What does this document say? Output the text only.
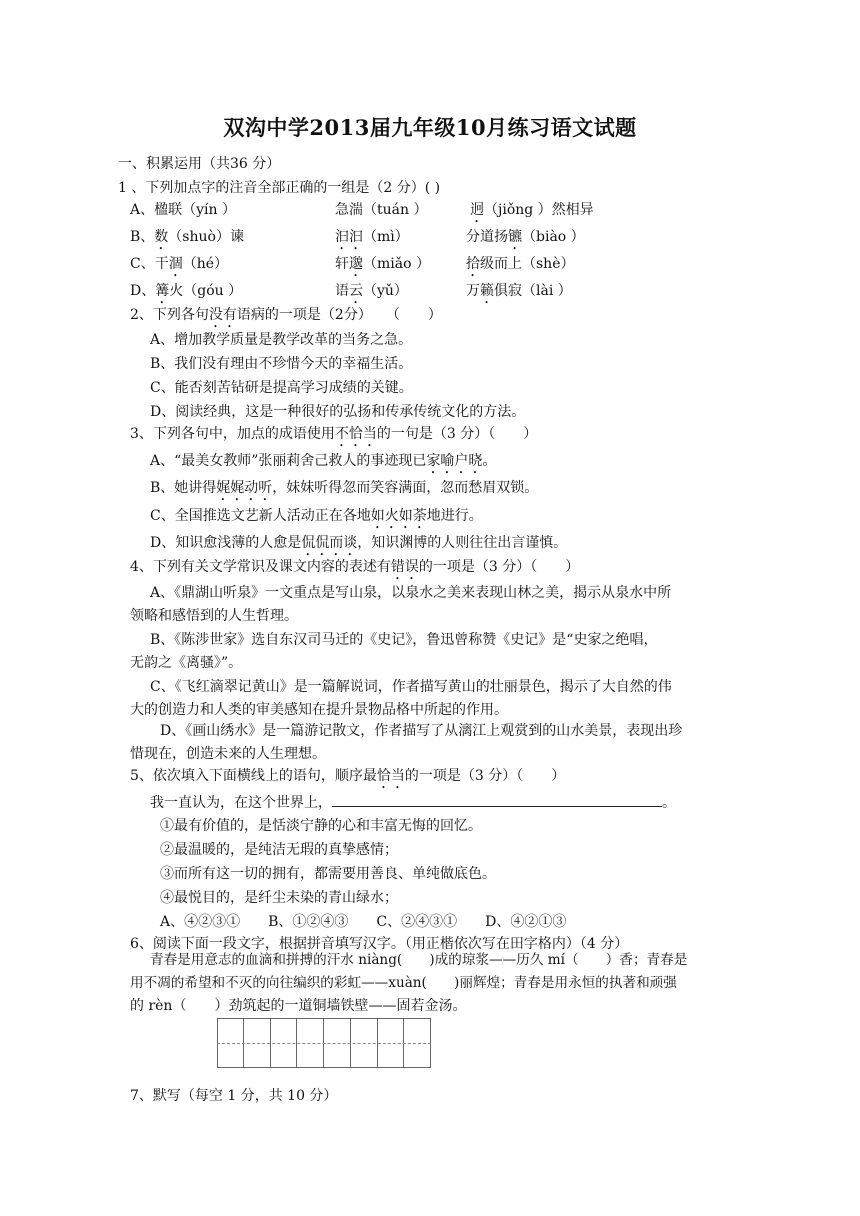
双沟中学2013届九年级10月练习语文试题
一、积累运用（共36 分）
1 、下列加点字的注音全部正确的一组是（2 分）( )
A、楹联（yín ）	急湍（tuán ）	迥（jiǒng ）然相异
B、数（shuò）谏	汩汩（mì）	分道扬镳（biào ）
C、干涸（hé）	轩邈（miǎo ）	拾级而上（shè）
D、篝火（góu ）	语云（yǔ）	万籁俱寂（lài ）
2、下列各句没有语病的一项是（2分）　　（　　）
A、增加教学质量是教学改革的当务之急。
B、我们没有理由不珍惜今天的幸福生活。
C、能否刻苦钻研是提高学习成绩的关键。
D、阅读经典，这是一种很好的弘扬和传承传统文化的方法。
3、下列各句中，加点的成语使用不恰当的一句是（3 分）（　　）
A、“最美女教师”张丽莉舍己救人的事迹现已家喻户晓。
B、她讲得娓娓动听，妹妹听得忽而笑容满面，忽而愁眉双锁。
C、全国推选文艺新人活动正在各地如火如荼地进行。
D、知识愈浅薄的人愈是侃侃而谈，知识渊博的人则往往出言谨慎。
4、下列有关文学常识及课文内容的表述有错误的一项是（3 分）（　　）
A、《鼎湖山听泉》一文重点是写山泉，以泉水之美来表现山林之美，揭示从泉水中所
领略和感悟到的人生哲理。
B、《陈涉世家》选自东汉司马迁的《史记》，鲁迅曾称赞《史记》是“史家之绝唱，
无韵之《离骚》”。
C、《飞红滴翠记黄山》是一篇解说词，作者描写黄山的壮丽景色，揭示了大自然的伟
大的创造力和人类的审美感知在提升景物品格中所起的作用。
D、《画山绣水》是一篇游记散文，作者描写了从漓江上观赏到的山水美景，表现出珍
惜现在，创造未来的人生理想。
5、依次填入下面横线上的语句，顺序最恰当的一项是（3 分）（　　）
我一直认为，在这个世界上，	。
①最有价值的，是恬淡宁静的心和丰富无悔的回忆。
②最温暖的，是纯洁无瑕的真挚感情；
③而所有这一切的拥有，都需要用善良、单纯做底色。
④最悦目的，是纤尘未染的青山绿水；
A、④②③①　　B、①②④③　　C、②④③①　　D、④②①③
6、阅读下面一段文字，根据拼音填写汉字。（用正楷依次写在田字格内）（4 分）
青春是用意志的血滴和拼搏的汗水 niàng(　　)成的琼浆——历久 mí（　　）香；青春是
用不凋的希望和不灭的向往编织的彩虹——xuàn(　　)丽辉煌；青春是用永恒的执著和顽强
的 rèn（　　）劲筑起的一道铜墙铁壁——固若金汤。
7、默写（每空 1 分，共 10 分）
